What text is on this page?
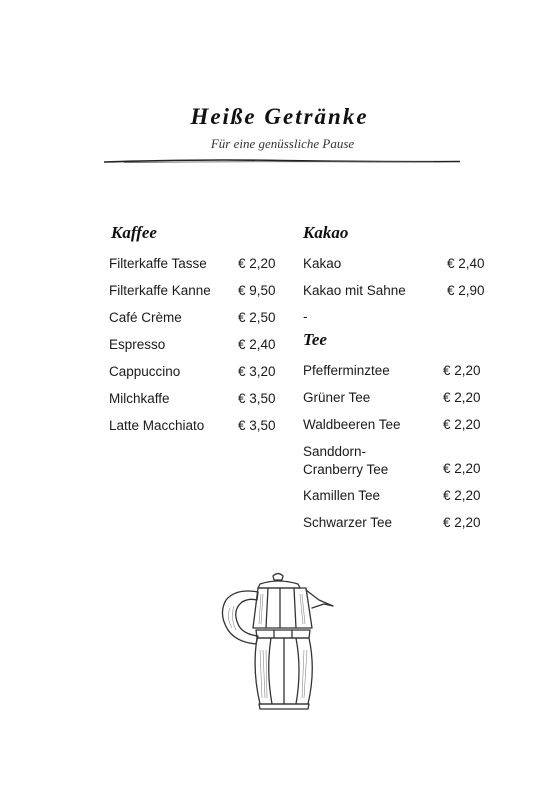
Heiße Getränke
Für eine genüssliche Pause
Kaffee
Filterkaffe Tasse € 2,20
Filterkaffe Kanne € 9,50
Café Crème	€ 2,50
Espresso	€ 2,40
Cappuccino	€ 3,20
Milchkaffe	€ 3,50
Latte Macchiato € 3,50
Kakao
Kakao	€ 2,40
Kakao mit Sahne	€ 2,90
-
Tee
Pfefferminztee	€ 2,20
Grüner Tee	€ 2,20
Waldbeeren Tee	€ 2,20
Sanddorn-
Cranberry Tee	€ 2,20
Kamillen Tee	€ 2,20
Schwarzer Tee	€ 2,20
